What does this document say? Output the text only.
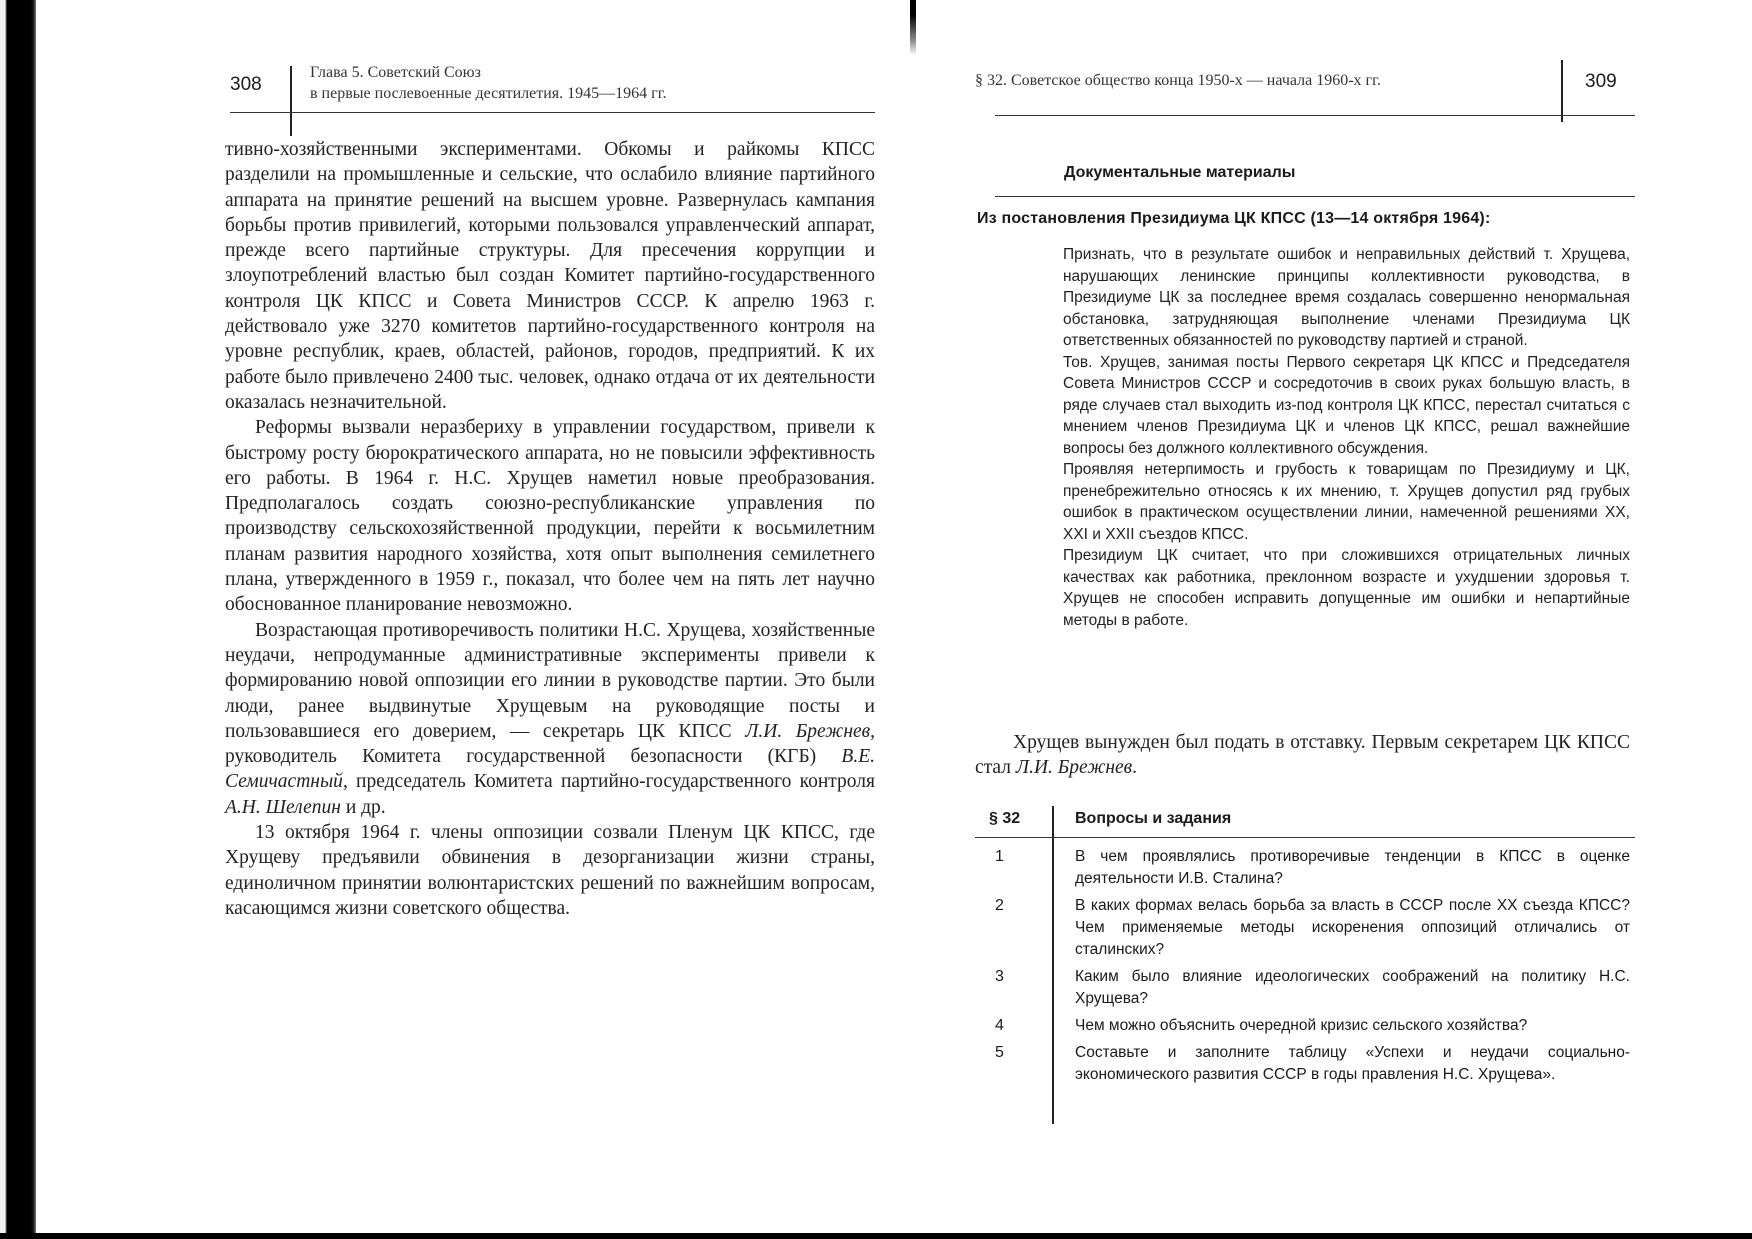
308
Глава 5. Советский Союз
в первые послевоенные десятилетия. 1945—1964 гг.

тивно-хозяйственными экспериментами. Обкомы и райкомы КПСС разделили на промышленные и сельские, что ослабило влияние партийного аппарата на принятие решений на высшем уровне. Развернулась кампания борьбы против привилегий, которыми пользовался управленческий аппарат, прежде всего партийные структуры. Для пресечения коррупции и злоупотреблений властью был создан Комитет партийно-государственного контроля ЦК КПСС и Совета Министров СССР. К апрелю 1963 г. действовало уже 3270 комитетов партийно-государственного контроля на уровне республик, краев, областей, районов, городов, предприятий. К их работе было привлечено 2400 тыс. человек, однако отдача от их деятельности оказалась незначительной.

Реформы вызвали неразбериху в управлении государством, привели к быстрому росту бюрократического аппарата, но не повысили эффективность его работы. В 1964 г. Н.С. Хрущев наметил новые преобразования. Предполагалось создать союзно-республиканские управления по производству сельскохозяйственной продукции, перейти к восьмилетним планам развития народного хозяйства, хотя опыт выполнения семилетнего плана, утвержденного в 1959 г., показал, что более чем на пять лет научно обоснованное планирование невозможно.

Возрастающая противоречивость политики Н.С. Хрущева, хозяйственные неудачи, непродуманные административные эксперименты привели к формированию новой оппозиции его линии в руководстве партии. Это были люди, ранее выдвинутые Хрущевым на руководящие посты и пользовавшиеся его доверием, — секретарь ЦК КПСС Л.И. Брежнев, руководитель Комитета государственной безопасности (КГБ) В.Е. Семичастный, председатель Комитета партийно-государственного контроля А.Н. Шелепин и др.

13 октября 1964 г. члены оппозиции созвали Пленум ЦК КПСС, где Хрущеву предъявили обвинения в дезорганизации жизни страны, единоличном принятии волюнтаристских решений по важнейшим вопросам, касающимся жизни советского общества.

§ 32. Советское общество конца 1950-х — начала 1960-х гг.	309
Документальные материалы
Из постановления Президиума ЦК КПСС (13—14 октября 1964):

Признать, что в результате ошибок и неправильных действий т. Хрущева, нарушающих ленинские принципы коллективности руководства, в Президиуме ЦК за последнее время создалась совершенно ненормальная обстановка, затрудняющая выполнение членами Президиума ЦК ответственных обязанностей по руководству партией и страной.

Тов. Хрущев, занимая посты Первого секретаря ЦК КПСС и Председателя Совета Министров СССР и сосредоточив в своих руках большую власть, в ряде случаев стал выходить из-под контроля ЦК КПСС, перестал считаться с мнением членов Президиума ЦК и членов ЦК КПСС, решал важнейшие вопросы без должного коллективного обсуждения.

Проявляя нетерпимость и грубость к товарищам по Президиуму и ЦК, пренебрежительно относясь к их мнению, т. Хрущев допустил ряд грубых ошибок в практическом осуществлении линии, намеченной решениями XX, XXI и XXII съездов КПСС.

Президиум ЦК считает, что при сложившихся отрицательных личных качествах как работника, преклонном возрасте и ухудшении здоровья т. Хрущев не способен исправить допущенные им ошибки и непартийные методы в работе.

Хрущев вынужден был подать в отставку. Первым секретарем ЦК КПСС стал Л.И. Брежнев.

§ 32	Вопросы и задания
1	В чем проявлялись противоречивые тенденции в КПСС в оценке деятельности И.В. Сталина?
2	В каких формах велась борьба за власть в СССР после XX съезда КПСС? Чем применяемые методы искоренения оппозиций отличались от сталинских?
3	Каким было влияние идеологических соображений на политику Н.С. Хрущева?
4	Чем можно объяснить очередной кризис сельского хозяйства?
5	Составьте и заполните таблицу «Успехи и неудачи социально-экономического развития СССР в годы правления Н.С. Хрущева».
